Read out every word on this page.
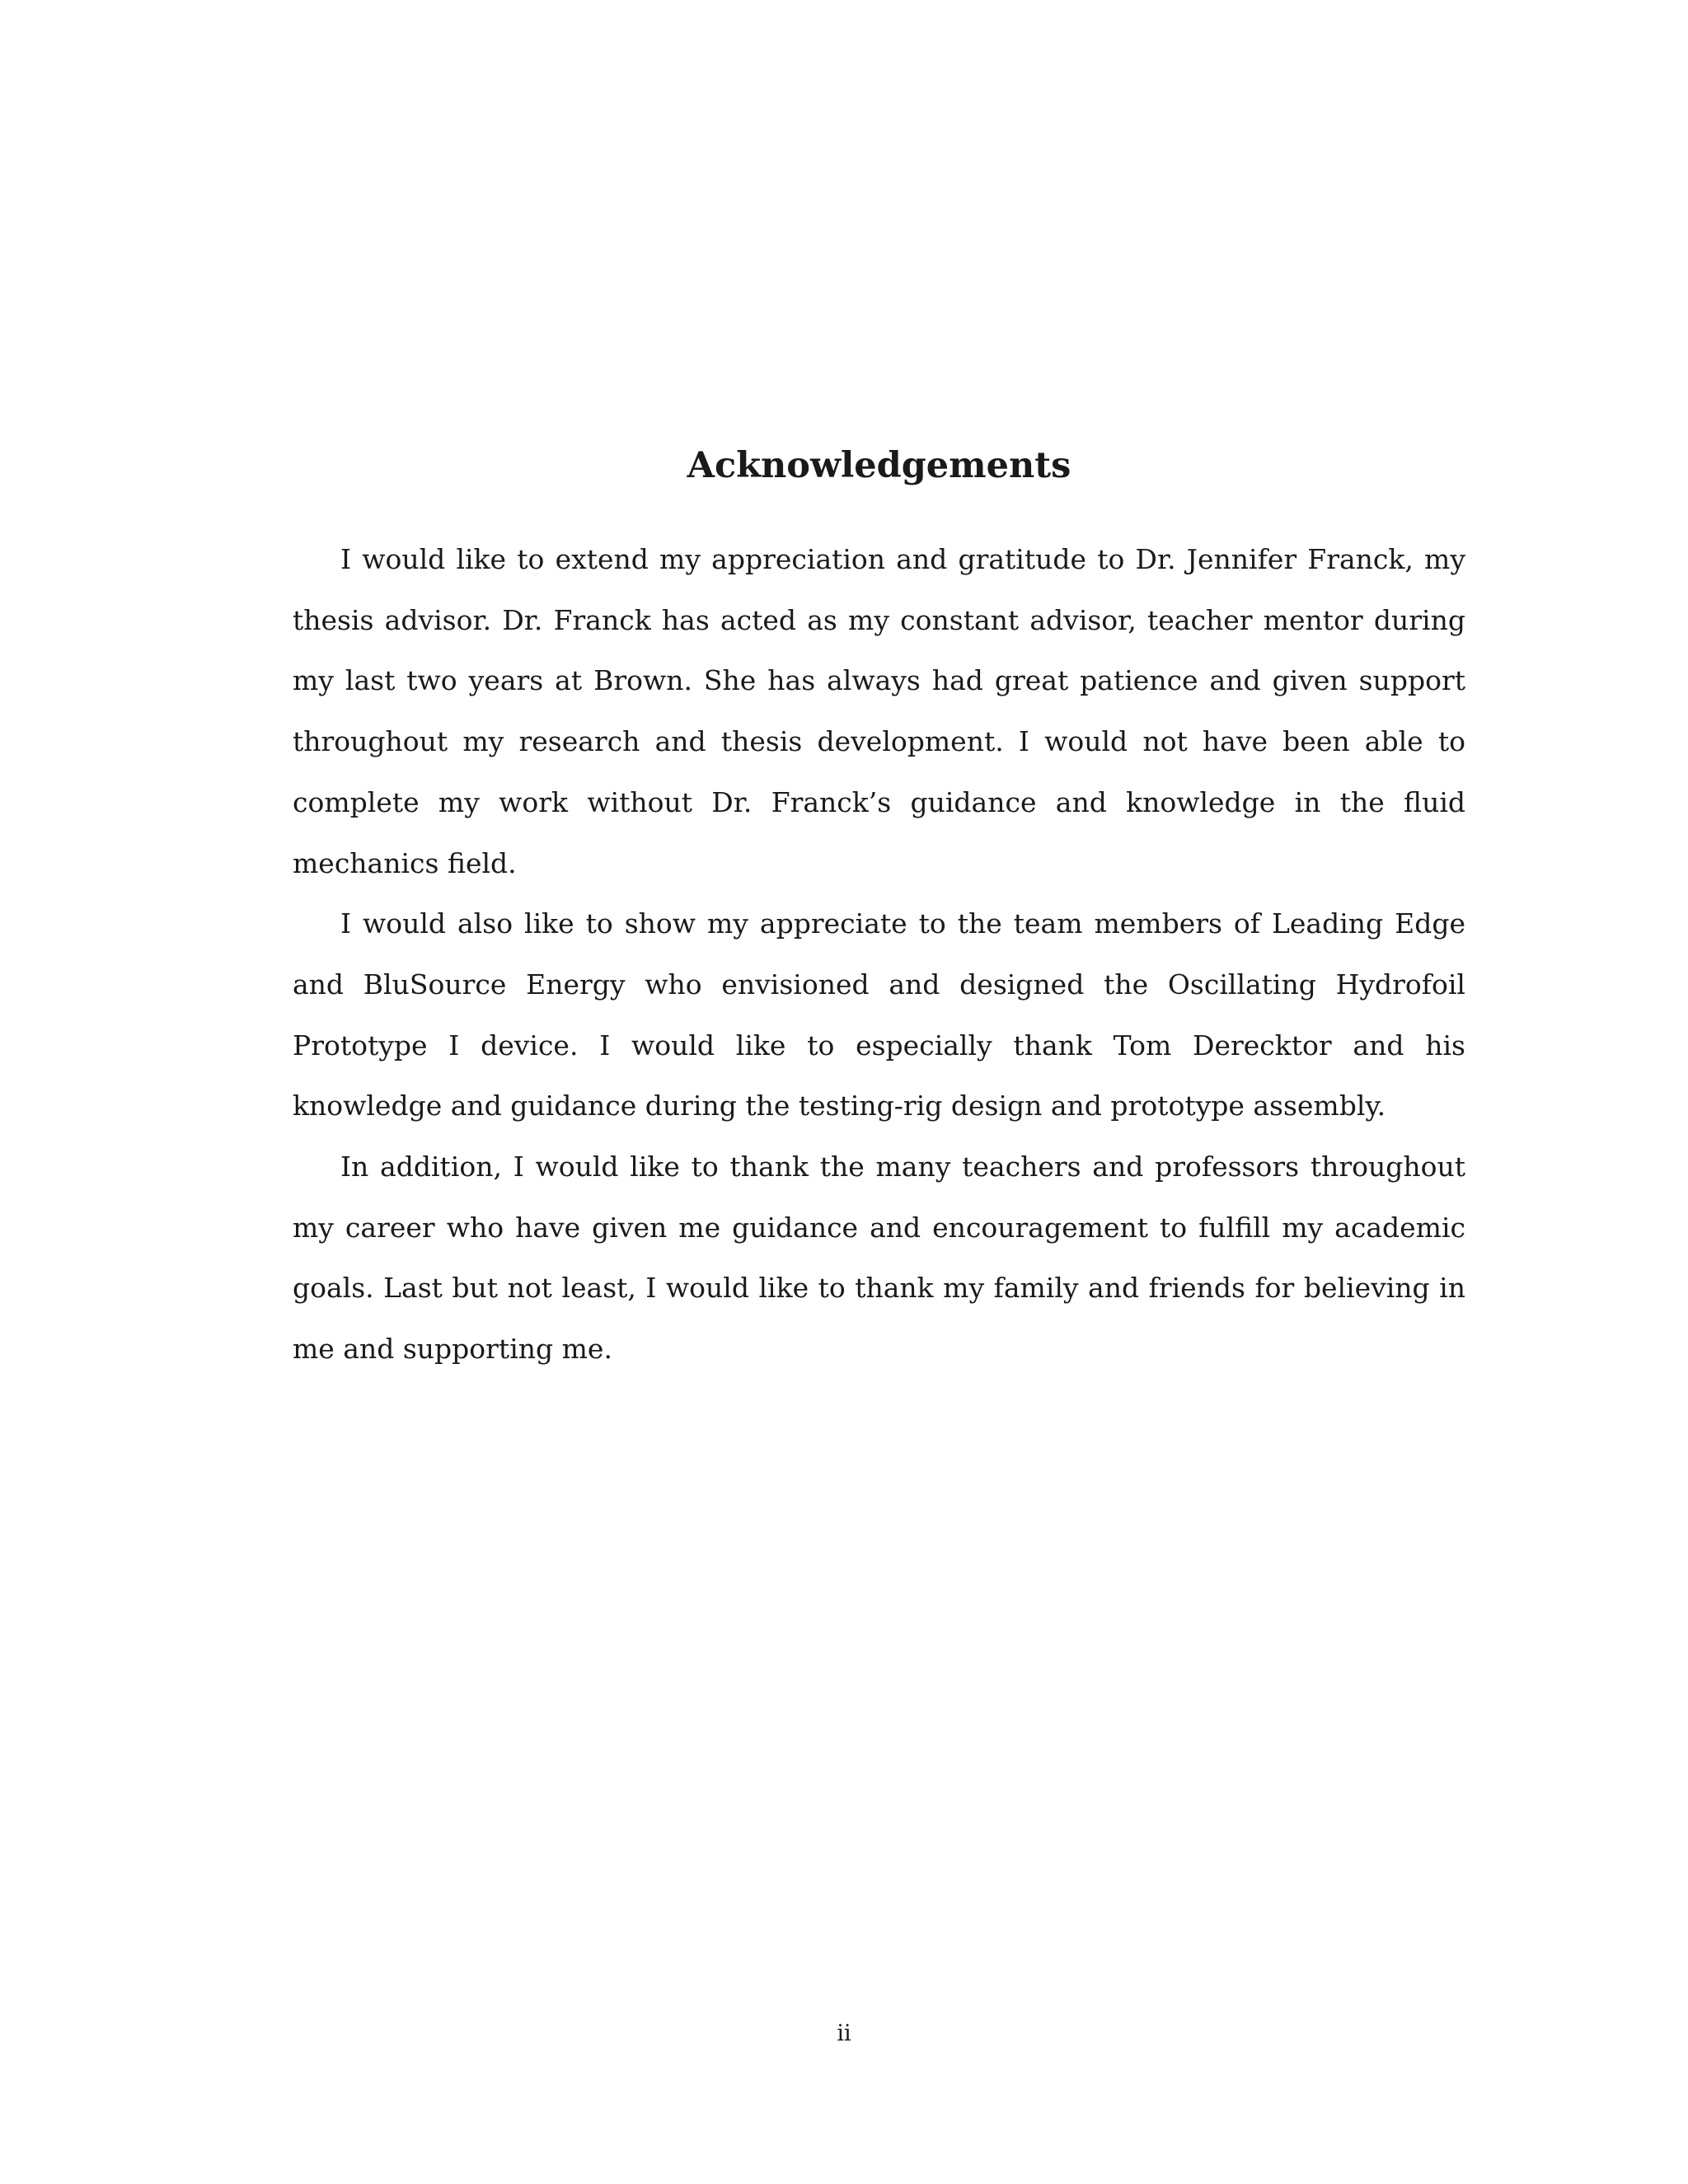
Acknowledgements

I would like to extend my appreciation and gratitude to Dr. Jennifer Franck, my thesis advisor. Dr. Franck has acted as my constant advisor, teacher mentor during my last two years at Brown. She has always had great patience and given support throughout my research and thesis development. I would not have been able to complete my work without Dr. Franck’s guidance and knowledge in the fluid mechanics field.

I would also like to show my appreciate to the team members of Leading Edge and BluSource Energy who envisioned and designed the Oscillating Hydrofoil Prototype I device. I would like to especially thank Tom Derecktor and his knowledge and guidance during the testing-rig design and prototype assembly.

In addition, I would like to thank the many teachers and professors throughout my career who have given me guidance and encouragement to fulfill my academic goals. Last but not least, I would like to thank my family and friends for believing in me and supporting me.

ii
